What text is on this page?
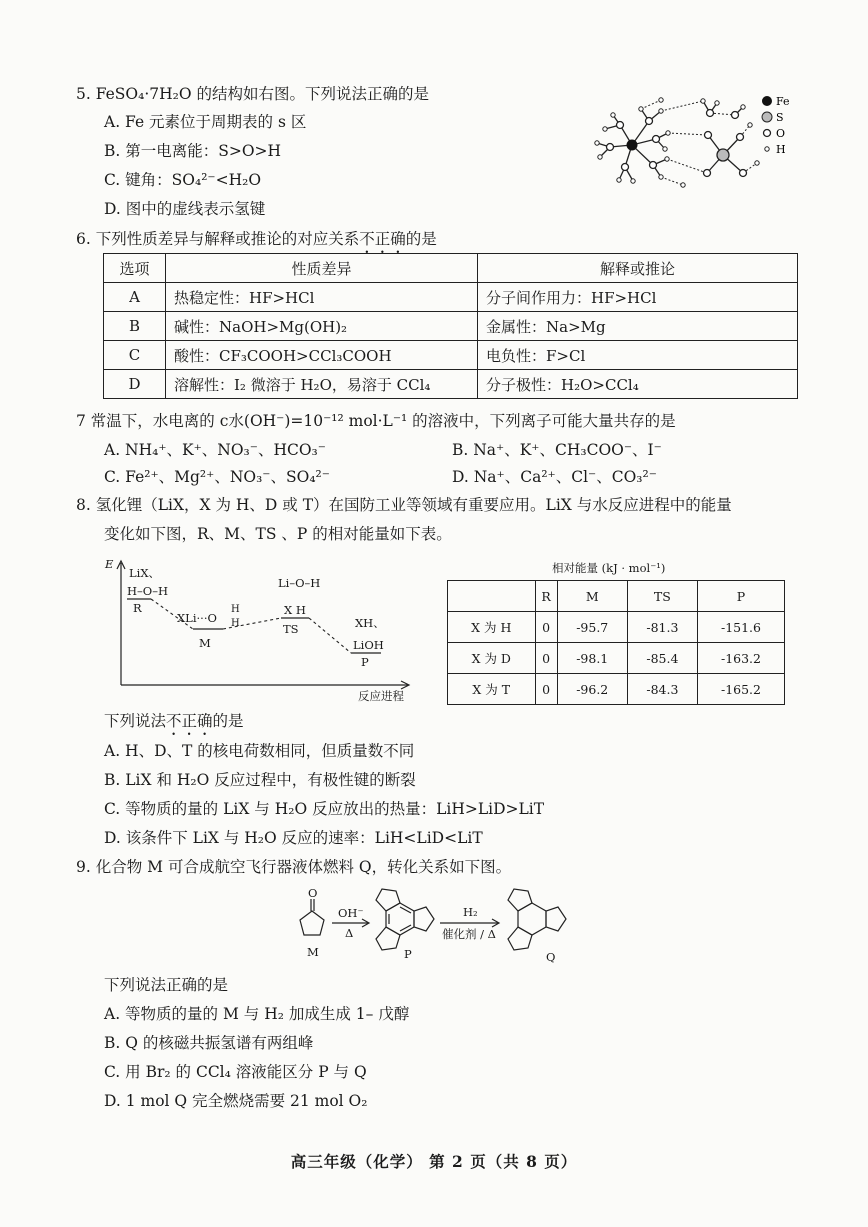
5. FeSO₄·7H₂O 的结构如右图。下列说法正确的是
A. Fe 元素位于周期表的 s 区
B. 第一电离能：S>O>H
C. 键角：SO₄²⁻<H₂O
D. 图中的虚线表示氢键
Fe
S
O
H
6. 下列性质差异与解释或推论的对应关系不正确的是
选项	性质差异	解释或推论
A	热稳定性：HF>HCl	分子间作用力：HF>HCl
B	碱性：NaOH>Mg(OH)₂	金属性：Na>Mg
C	酸性：CF₃COOH>CCl₃COOH	电负性：F>Cl
D	溶解性：I₂ 微溶于 H₂O，易溶于 CCl₄	分子极性：H₂O>CCl₄
7 常温下，水电离的 c水(OH⁻)=10⁻¹² mol·L⁻¹ 的溶液中，下列离子可能大量共存的是
A. NH₄⁺、K⁺、NO₃⁻、HCO₃⁻	B. Na⁺、K⁺、CH₃COO⁻、I⁻
C. Fe²⁺、Mg²⁺、NO₃⁻、SO₄²⁻	D. Na⁺、Ca²⁺、Cl⁻、CO₃²⁻
8. 氢化锂（LiX，X 为 H、D 或 T）在国防工业等领域有重要应用。LiX 与水反应进程中的能量
变化如下图，R、M、TS 、P 的相对能量如下表。
E
LiX、
H–O–H
R
XLi···O
H
H
M
Li–O–H
X H
TS	XH、
LiOH
P
反应进程
相对能量 (kJ · mol⁻¹)
	R	M	TS	P
X 为 H	0	-95.7	-81.3	-151.6
X 为 D	0	-98.1	-85.4	-163.2
X 为 T	0	-96.2	-84.3	-165.2
下列说法不正确的是
A. H、D、T 的核电荷数相同，但质量数不同
B. LiX 和 H₂O 反应过程中，有极性键的断裂
C. 等物质的量的 LiX 与 H₂O 反应放出的热量：LiH>LiD>LiT
D. 该条件下 LiX 与 H₂O 反应的速率：LiH<LiD<LiT
9. 化合物 M 可合成航空飞行器液体燃料 Q，转化关系如下图。
O
OH⁻
Δ
H₂
催化剂 / Δ
M	P	Q
下列说法正确的是
A. 等物质的量的 M 与 H₂ 加成生成 1– 戊醇
B. Q 的核磁共振氢谱有两组峰
C. 用 Br₂ 的 CCl₄ 溶液能区分 P 与 Q
D. 1 mol Q 完全燃烧需要 21 mol O₂
高三年级（化学） 第 2 页（共 8 页）
